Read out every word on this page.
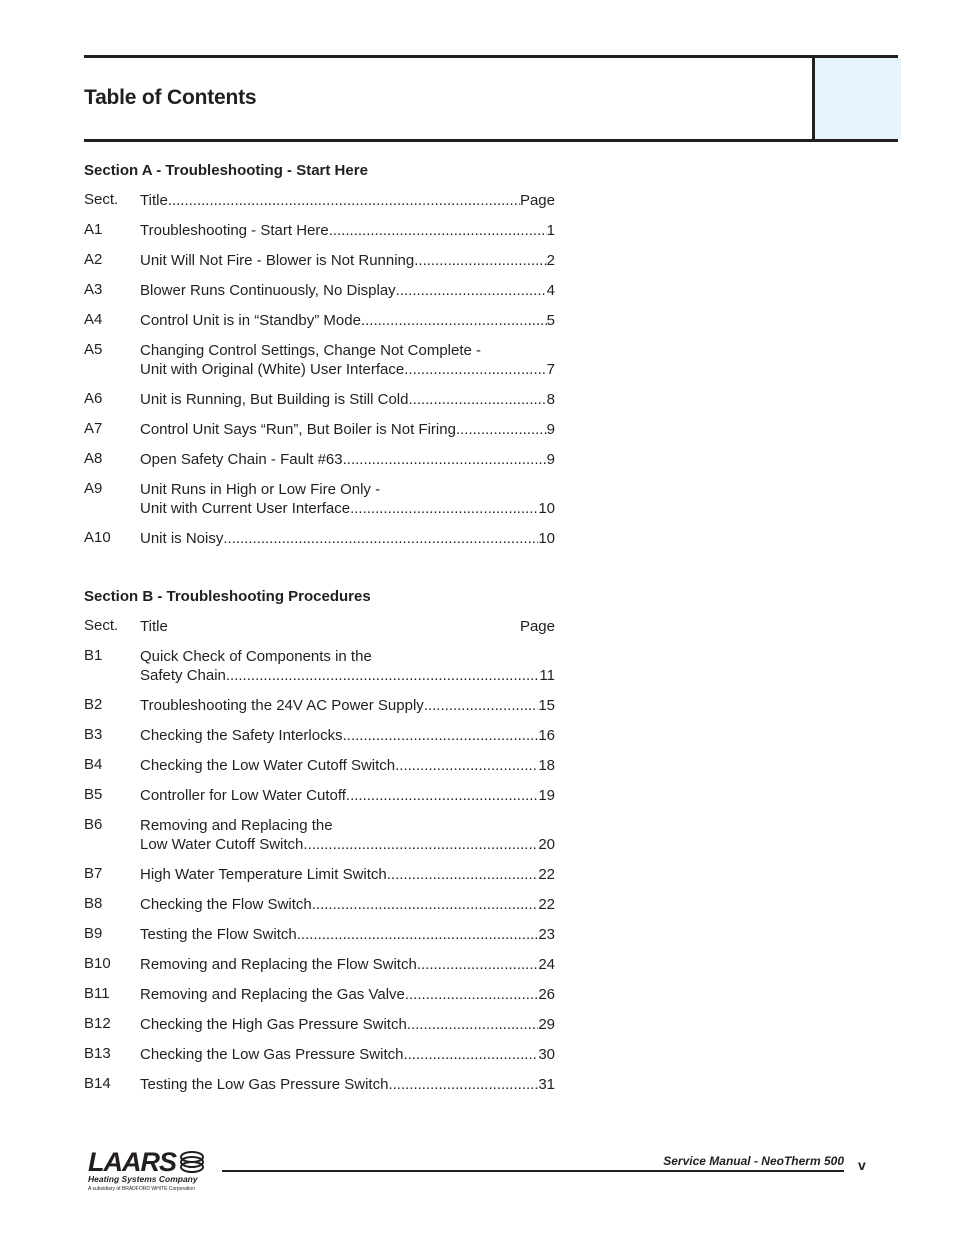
Table of Contents
Section A - Troubleshooting - Start Here
Sect. Title .....	Page
A1	Troubleshooting - Start Here .....	1
A2	Unit Will Not Fire - Blower is Not Running .....	2
A3	Blower Runs Continuously, No Display .....	4
A4	Control Unit is in “Standby” Mode .....	5
A5	Changing Control Settings, Change Not Complete -
Unit with Original (White) User Interface .....	7
A6	Unit is Running, But Building is Still Cold .....	8
A7	Control Unit Says “Run”, But Boiler is Not Firing .....	9
A8	Open Safety Chain - Fault #63 .....	9
A9	Unit Runs in High or Low Fire Only -
Unit with Current User Interface .....	10
A10 Unit is Noisy .....	10
Section B - Troubleshooting Procedures
Sect. Title	Page
B1	Quick Check of Components in the
Safety Chain .....	11
B2	Troubleshooting the 24V AC Power Supply .....	15
B3	Checking the Safety Interlocks .....	16
B4	Checking the Low Water Cutoff Switch .....	18
B5	Controller for Low Water Cutoff .....	19
B6	Removing and Replacing the
Low Water Cutoff Switch .....	20
B7	High Water Temperature Limit Switch .....	22
B8	Checking the Flow Switch .....	22
B9	Testing the Flow Switch .....	23
B10 Removing and Replacing the Flow Switch .....	24
B11 Removing and Replacing the Gas Valve .....	26
B12 Checking the High Gas Pressure Switch .....	29
B13 Checking the Low Gas Pressure Switch .....	30
B14 Testing the Low Gas Pressure Switch .....	31
LAARS
Heating Systems Company
A subsidiary of BRADFORD WHITE Corporation
Service Manual - NeoTherm 500 v
